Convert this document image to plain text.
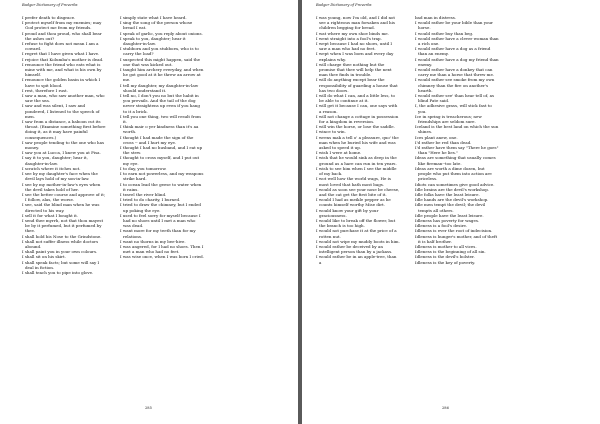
Badger Dictionary of Proverbs
I prefer death to disgrace.
I protect myself from my enemies; may God protect me from my friends.
I proud and thou proud, who shall bear the ashes out?
I refuse to fight does not mean I am a coward.
I regret that I have given what I have.
I rejoice that Kolumba's mother is dead.
I renounce the friend who eats what is mine with me, and what is his own by himself.
I renounce the golden basin in which I have to spit blood.
I rest, therefore I rust.
I saw a man, who saw another man, who saw the sea.
I saw and was silent, I saw and pondered, I listened to the speech of men.
I saw from a distance, a baboon cut its throat. (Examine something first before doing it, as it may have painful consequences.)
I saw people tending to the one who has money.
I saw you at Lucca, I knew you at Pisa.
I say it to you, daughter; hear it, daughter-in-law.
I scratch where it itches not.
I see by my daughter's face when the devil lays hold of my son-in-law.
I see by my mother-in-law's eyes when the devil takes hold of her.
I see the better course and approve of it; I follow, alas, the worse.
I see, said the blind man when he was directed to his way.
I sell it for what I bought it.
I send thee myrrh, not that thou mayest be by it perfumed, but it perfumed by thee.
I shall hold his Nose to the Grindstone.
I shall not suffer illness while doctors abound.
I shall paint you in your own colours.
I shall sit on his skirt.
I shall speak facts; but some will say I deal in fiction.
I shall teach you to pipe into glove.
I simply state what I have heard.
I sing the song of the person whose bread I eat.
I speak of garlic, you reply about onions.
I speak to you, daughter; hear it daughter-in-law.
I stubborn and you stubborn, who is to carry the load?
I suspected this might happen, said the one that was kicked out.
I taught him archery everyday, and when he got good at it he threw an arrow at me.
I tell my daughter, my daughter-in-law should understand it.
I tell no, I don't you no but the habit in you prevails. And the tail of the dog never straightens up even if you hang to it a brick.
I tell you one thing, two will result from it.
I think mair o yer kindness than it's aa worth.
I thought I had made the sign of the cross -- and I hurt my eye.
I thought I had no husband, and I eat up the stew.
I thought to cross myself, and I put out my eye.
I to day, you tomorrow.
I to earn not powerless, and my weapons strike hard.
I to ocean lead the geese to water when it rains.
I travel the river blind.
I tried to do charity, I burned.
I tried to draw the chimney, but I ended up poking the eye.
I used to feel sorry for myself because I had no shoes until I met a man who was dead.
I want more for my teeth than for my relations.
I want no thorns in my bee-hive.
I was angered, for I had no shoes. Then I met a man who had no feet.
I was wise once, when I was born I cried.
285
Badger Dictionary of Proverbs
I was young, now I'm old, and I did not see a righteous man forsaken and his children begging for bread.
I wat where my own shoe binds me.
I went straight into a fool's trap.
I wept because I had no shoes, until I saw a man who had no feet.
I wept when I was born and every day explains why.
I will charge thee nothing but the promise that thee will help the next man thee finds in trouble.
I will do anything except bear the responsibility of guarding a house that has two doors.
I will do what I can, and a little less, to be able to continue at it.
I will get it because I can, one says with a reason.
I will not change a cottage in possession for a kingdom in reversion.
I will win the horse, or lose the saddle.
I wince to win.
I wrens mak a tell o' a pleasure, quo' the man when he buried his wife and was asked to speed it up.
I wish I were at home.
I wish that he would sink as deep in the ground as a hare can run in ten years.
I wish to see him when I see the middle of my back.
I wot well how the world wags, He is most loved that hath most bags.
I would as soon see your nose be cheese, and the cat get the first bite of it.
I would I had as meikle pepper as he counts himself worthy Mise dirt.
I would know your gift by your graciousness.
I would like to break off the flower, but the branch is too high.
I would not purchase it at the price of a rotten nut.
I would not wipe my muddy boots in him.
I would rather be deceived by an intelligent person than by a jackass.
I would rather be in an apple-tree, than a
bad man in distress.
I would rather be your bible than your horse.
I would rather buy than beg.
I would rather have a clever woman than a rich one.
I would rather have a dog as a friend than an enemy.
I would rather have a dog my friend than enemy.
I would rather have a donkey that can carry me than a horse that threw me.
I would rather see smoke from my own chimney than the fire on another's hearth.
I would rather see' than hear tell of, as blind Pate said.
I, the adhesive grass, will stick fast to you.
Ice in spring is treacherous; new friendships are seldom sure.
Iceland is the best land on which the sun shines.
Ices plant anew, one.
I'd rather be red than dead.
I'd rather have them say "There he goes" than "Here he lies."
Ideas are something that usually comes like fireman--too late.
Ideas are worth a dime dozen, but people who put them into action are priceless.
Idiots can sometimes give good advice.
Idle brains are the devil's workshop.
Idle folks have the least leisure.
Idle hands are the devil's workshop.
Idle men tempt the devil; the devil tempts all others.
Idle people have the least leisure.
Idleness has poverty for wages.
Idleness is a fool's desire.
Idleness is ever the root of indecision.
Idleness is hunger's mother, and of theft it is half brother.
Idleness is mother to all vices.
Idleness is the beginning of all sin.
Idleness is the devil's bolster.
Idleness is the key of poverty.
286
